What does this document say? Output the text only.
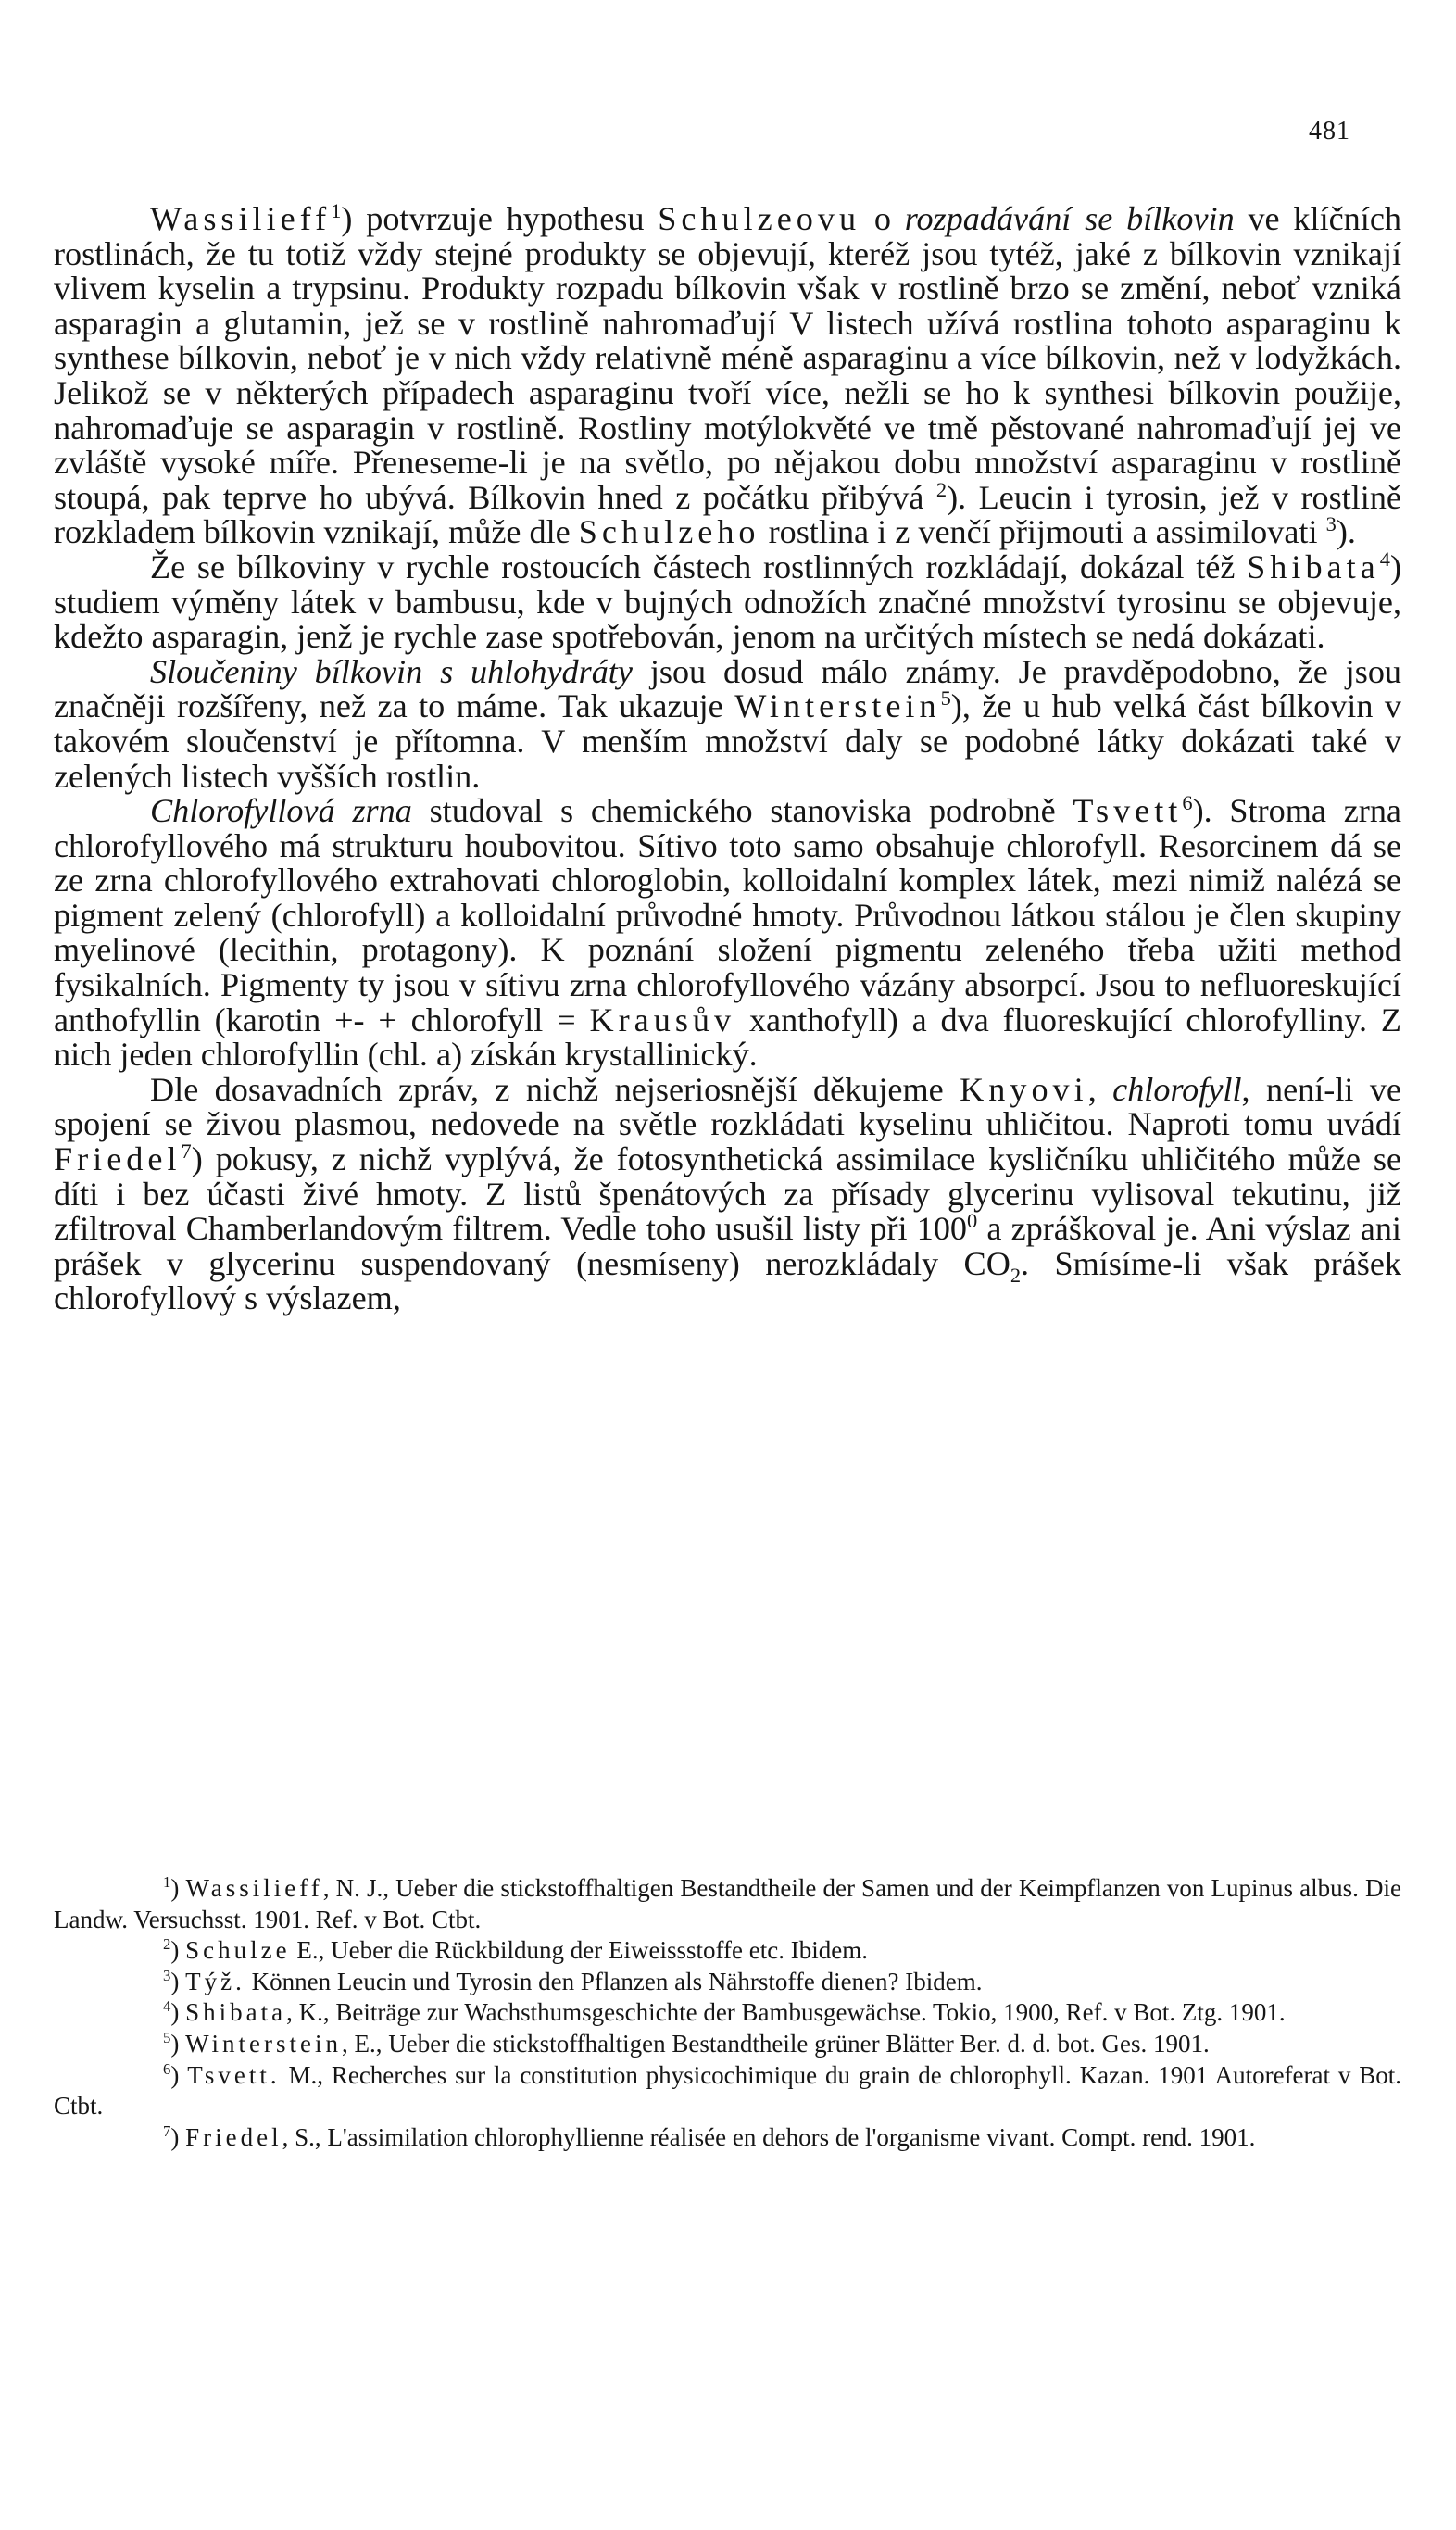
481

Wassilieff$^1$) potvrzuje hypothesu Schulzeovu o rozpadávání se bílkovin ve klíčních rostlinách, že tu totiž vždy stejné produkty se objevují, kteréž jsou tytéž, jaké z bílkovin vznikají vlivem kyselin a trypsinu. Produkty rozpadu bílkovin však v rostlině brzo se změní, neboť vzniká asparagin a glutamin, jež se v rostlině nahromaďují V listech užívá rostlina tohoto asparaginu k synthese bílkovin, neboť je v nich vždy relativně méně asparaginu a více bílkovin, než v lodyžkách. Jelikož se v některých případech asparaginu tvoří více, nežli se ho k synthesi bílkovin použije, nahromaďuje se asparagin v rostlině. Rostliny motýlokvěté ve tmě pěstované nahromaďují jej ve zvláště vysoké míře. Přeneseme-li je na světlo, po nějakou dobu množství asparaginu v rostlině stoupá, pak teprve ho ubývá. Bílkovin hned z počátku přibývá $^2$). Leucin i tyrosin, jež v rostlině rozkladem bílkovin vznikají, může dle Schulzeho rostlina i z venčí přijmouti a assimilovati $^3$).

Že se bílkoviny v rychle rostoucích částech rostlinných rozkládají, dokázal též Shibata$^4$) studiem výměny látek v bambusu, kde v bujných odnožích značné množství tyrosinu se objevuje, kdežto asparagin, jenž je rychle zase spotřebován, jenom na určitých místech se nedá dokázati.

Sloučeniny bílkovin s uhlohydráty jsou dosud málo známy. Je pravděpodobno, že jsou značněji rozšířeny, než za to máme. Tak ukazuje Winterstein$^5$), že u hub velká část bílkovin v takovém sloučenství je přítomna. V menším množství daly se podobné látky dokázati také v zelených listech vyšších rostlin.

Chlorofyllová zrna studoval s chemického stanoviska podrobně Tsvett$^6$). Stroma zrna chlorofyllového má strukturu houbovitou. Sítivo toto samo obsahuje chlorofyll. Resorcinem dá se ze zrna chlorofyllového extrahovati chloroglobin, kolloidalní komplex látek, mezi nimiž nalézá se pigment zelený (chlorofyll) a kolloidalní průvodné hmoty. Průvodnou látkou stálou je člen skupiny myelinové (lecithin, protagony). K poznání složení pigmentu zeleného třeba užiti method fysikalních. Pigmenty ty jsou v sítivu zrna chlorofyllového vázány absorpcí. Jsou to nefluoreskující anthofyllin (karotin +- + chlorofyll = Krausův xanthofyll) a dva fluoreskující chlorofylliny. Z nich jeden chlorofyllin (chl. a) získán krystallinický.

Dle dosavadních zpráv, z nichž nejseriosnější děkujeme Knyovi, chlorofyll, není-li ve spojení se živou plasmou, nedovede na světle rozkládati kyselinu uhličitou. Naproti tomu uvádí Friedel$^7$) pokusy, z nichž vyplývá, že fotosynthetická assimilace kysličníku uhličitého může se díti i bez účasti živé hmoty. Z listů špenátových za přísady glycerinu vylisoval tekutinu, již zfiltroval Chamberlandovým filtrem. Vedle toho usušil listy při $100^0$ a zpráškoval je. Ani výslaz ani prášek v glycerinu suspendovaný (nesmíseny) nerozkládaly $CO_2$. Smísíme-li však prášek chlorofyllový s výslazem,

$^1$) Wassilieff, N. J., Ueber die stickstoffhaltigen Bestandtheile der Samen und der Keimpflanzen von Lupinus albus. Die Landw. Versuchsst. 1901. Ref. v Bot. Ctbt.

$^2$) Schulze E., Ueber die Rückbildung der Eiweissstoffe etc. Ibidem.

$^3$) Týž. Können Leucin und Tyrosin den Pflanzen als Nährstoffe dienen? Ibidem.

$^4$) Shibata, K., Beiträge zur Wachsthumsgeschichte der Bambusgewächse. Tokio, 1900, Ref. v Bot. Ztg. 1901.

$^5$) Winterstein, E., Ueber die stickstoffhaltigen Bestandtheile grüner Blätter Ber. d. d. bot. Ges. 1901.

$^6$) Tsvett. M., Recherches sur la constitution physicochimique du grain de chlorophyll. Kazan. 1901 Autoreferat v Bot. Ctbt.

$^7$) Friedel, S., L'assimilation chlorophyllienne réalisée en dehors de l'organisme vivant. Compt. rend. 1901.
